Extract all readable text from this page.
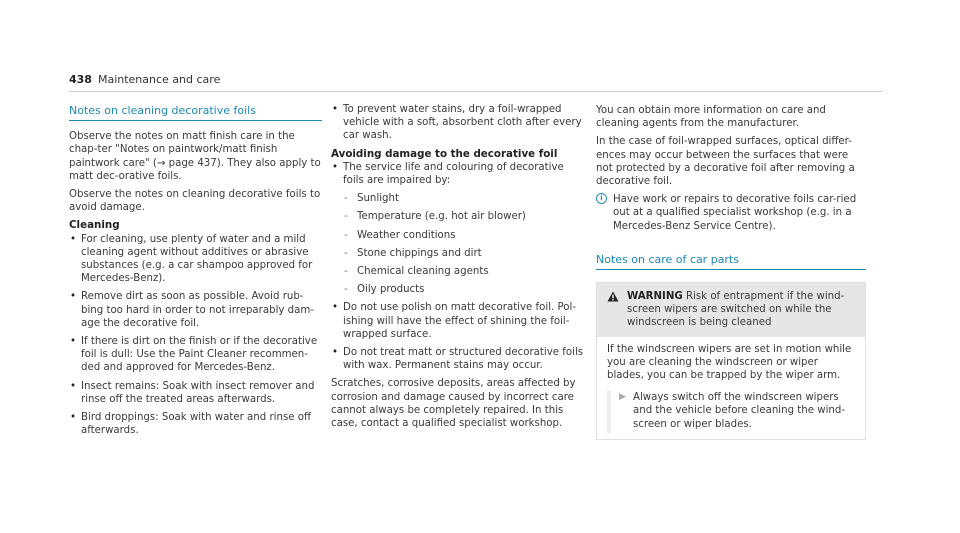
438 Maintenance and care
Notes on cleaning decorative foils

Observe the notes on matt finish care in the chap-ter "Notes on paintwork/matt finish paintwork care" (→ page 437). They also apply to matt dec-orative foils.

Observe the notes on cleaning decorative foils to avoid damage.

Cleaning
• For cleaning, use plenty of water and a mild cleaning agent without additives or abrasive substances (e.g. a car shampoo approved for Mercedes-Benz).
• Remove dirt as soon as possible. Avoid rub-bing too hard in order to not irreparably dam-age the decorative foil.
• If there is dirt on the finish or if the decorative foil is dull: Use the Paint Cleaner recommen-ded and approved for Mercedes-Benz.
• Insect remains: Soak with insect remover and rinse off the treated areas afterwards.
• Bird droppings: Soak with water and rinse off afterwards.
• To prevent water stains, dry a foil-wrapped vehicle with a soft, absorbent cloth after every car wash.
Avoiding damage to the decorative foil
• The service life and colouring of decorative foils are impaired by:
- Sunlight
- Temperature (e.g. hot air blower)
- Weather conditions
- Stone chippings and dirt
- Chemical cleaning agents
- Oily products
• Do not use polish on matt decorative foil. Pol-ishing will have the effect of shining the foil-wrapped surface.
• Do not treat matt or structured decorative foils with wax. Permanent stains may occur.

Scratches, corrosive deposits, areas affected by corrosion and damage caused by incorrect care cannot always be completely repaired. In this case, contact a qualified specialist workshop.

You can obtain more information on care and cleaning agents from the manufacturer.

In the case of foil-wrapped surfaces, optical differ-ences may occur between the surfaces that were not protected by a decorative foil after removing a decorative foil.

i	Have work or repairs to decorative foils car-ried out at a qualified specialist workshop (e.g. in a Mercedes-Benz Service Centre).
Notes on care of car parts
WARNING Risk of entrapment if the wind-screen wipers are switched on while the windscreen is being cleaned

If the windscreen wipers are set in motion while you are cleaning the windscreen or wiper blades, you can be trapped by the wiper arm.

▶ Always switch off the windscreen wipers and the vehicle before cleaning the wind-screen or wiper blades.
